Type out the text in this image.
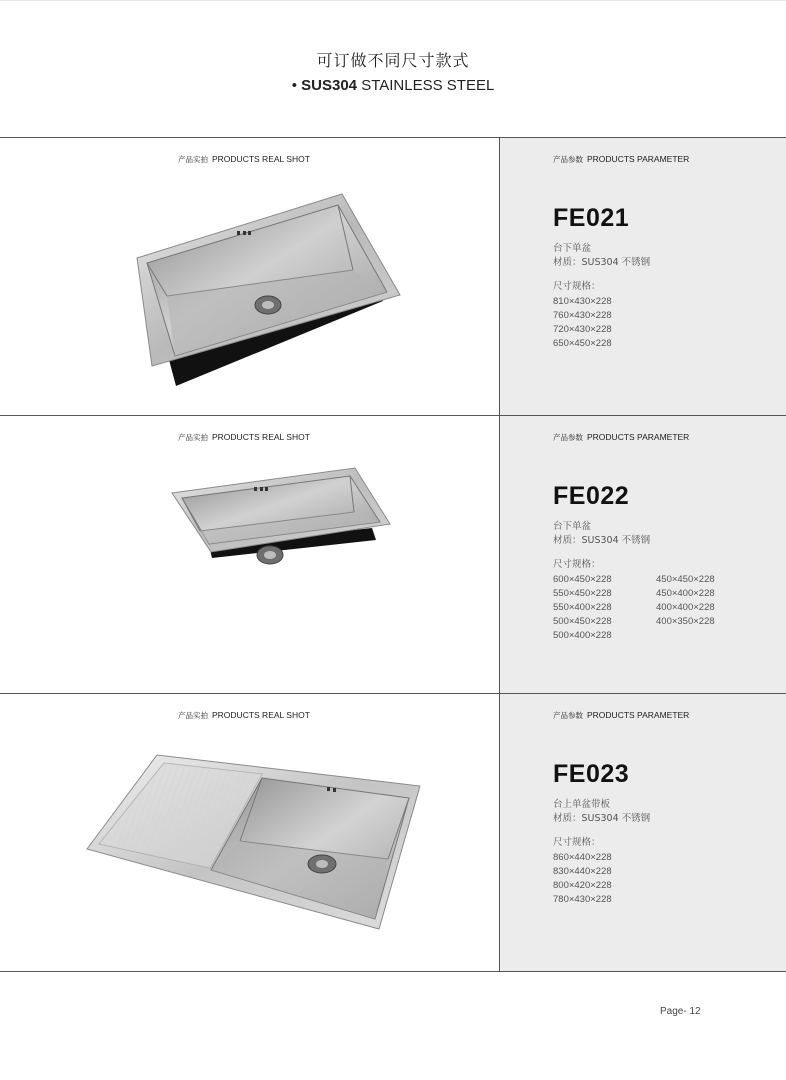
可订做不同尺寸款式
• SUS304 STAINLESS STEEL
产品实拍 PRODUCTS REAL SHOT	产品参数 PRODUCTS PARAMETER
FE021
台下单盆
材质：SUS304 不锈钢
尺寸规格：
810×430×228
760×430×228
720×430×228
650×450×228
产品实拍 PRODUCTS REAL SHOT	产品参数 PRODUCTS PARAMETER
FE022
台下单盆
材质：SUS304 不锈钢
尺寸规格：
600×450×228	450×450×228
550×450×228	450×400×228
550×400×228	400×400×228
500×450×228	400×350×228
500×400×228
产品实拍 PRODUCTS REAL SHOT	产品参数 PRODUCTS PARAMETER
FE023
台上单盆带板
材质：SUS304 不锈钢
尺寸规格：
860×440×228
830×440×228
800×420×228
780×430×228
Page- 12
